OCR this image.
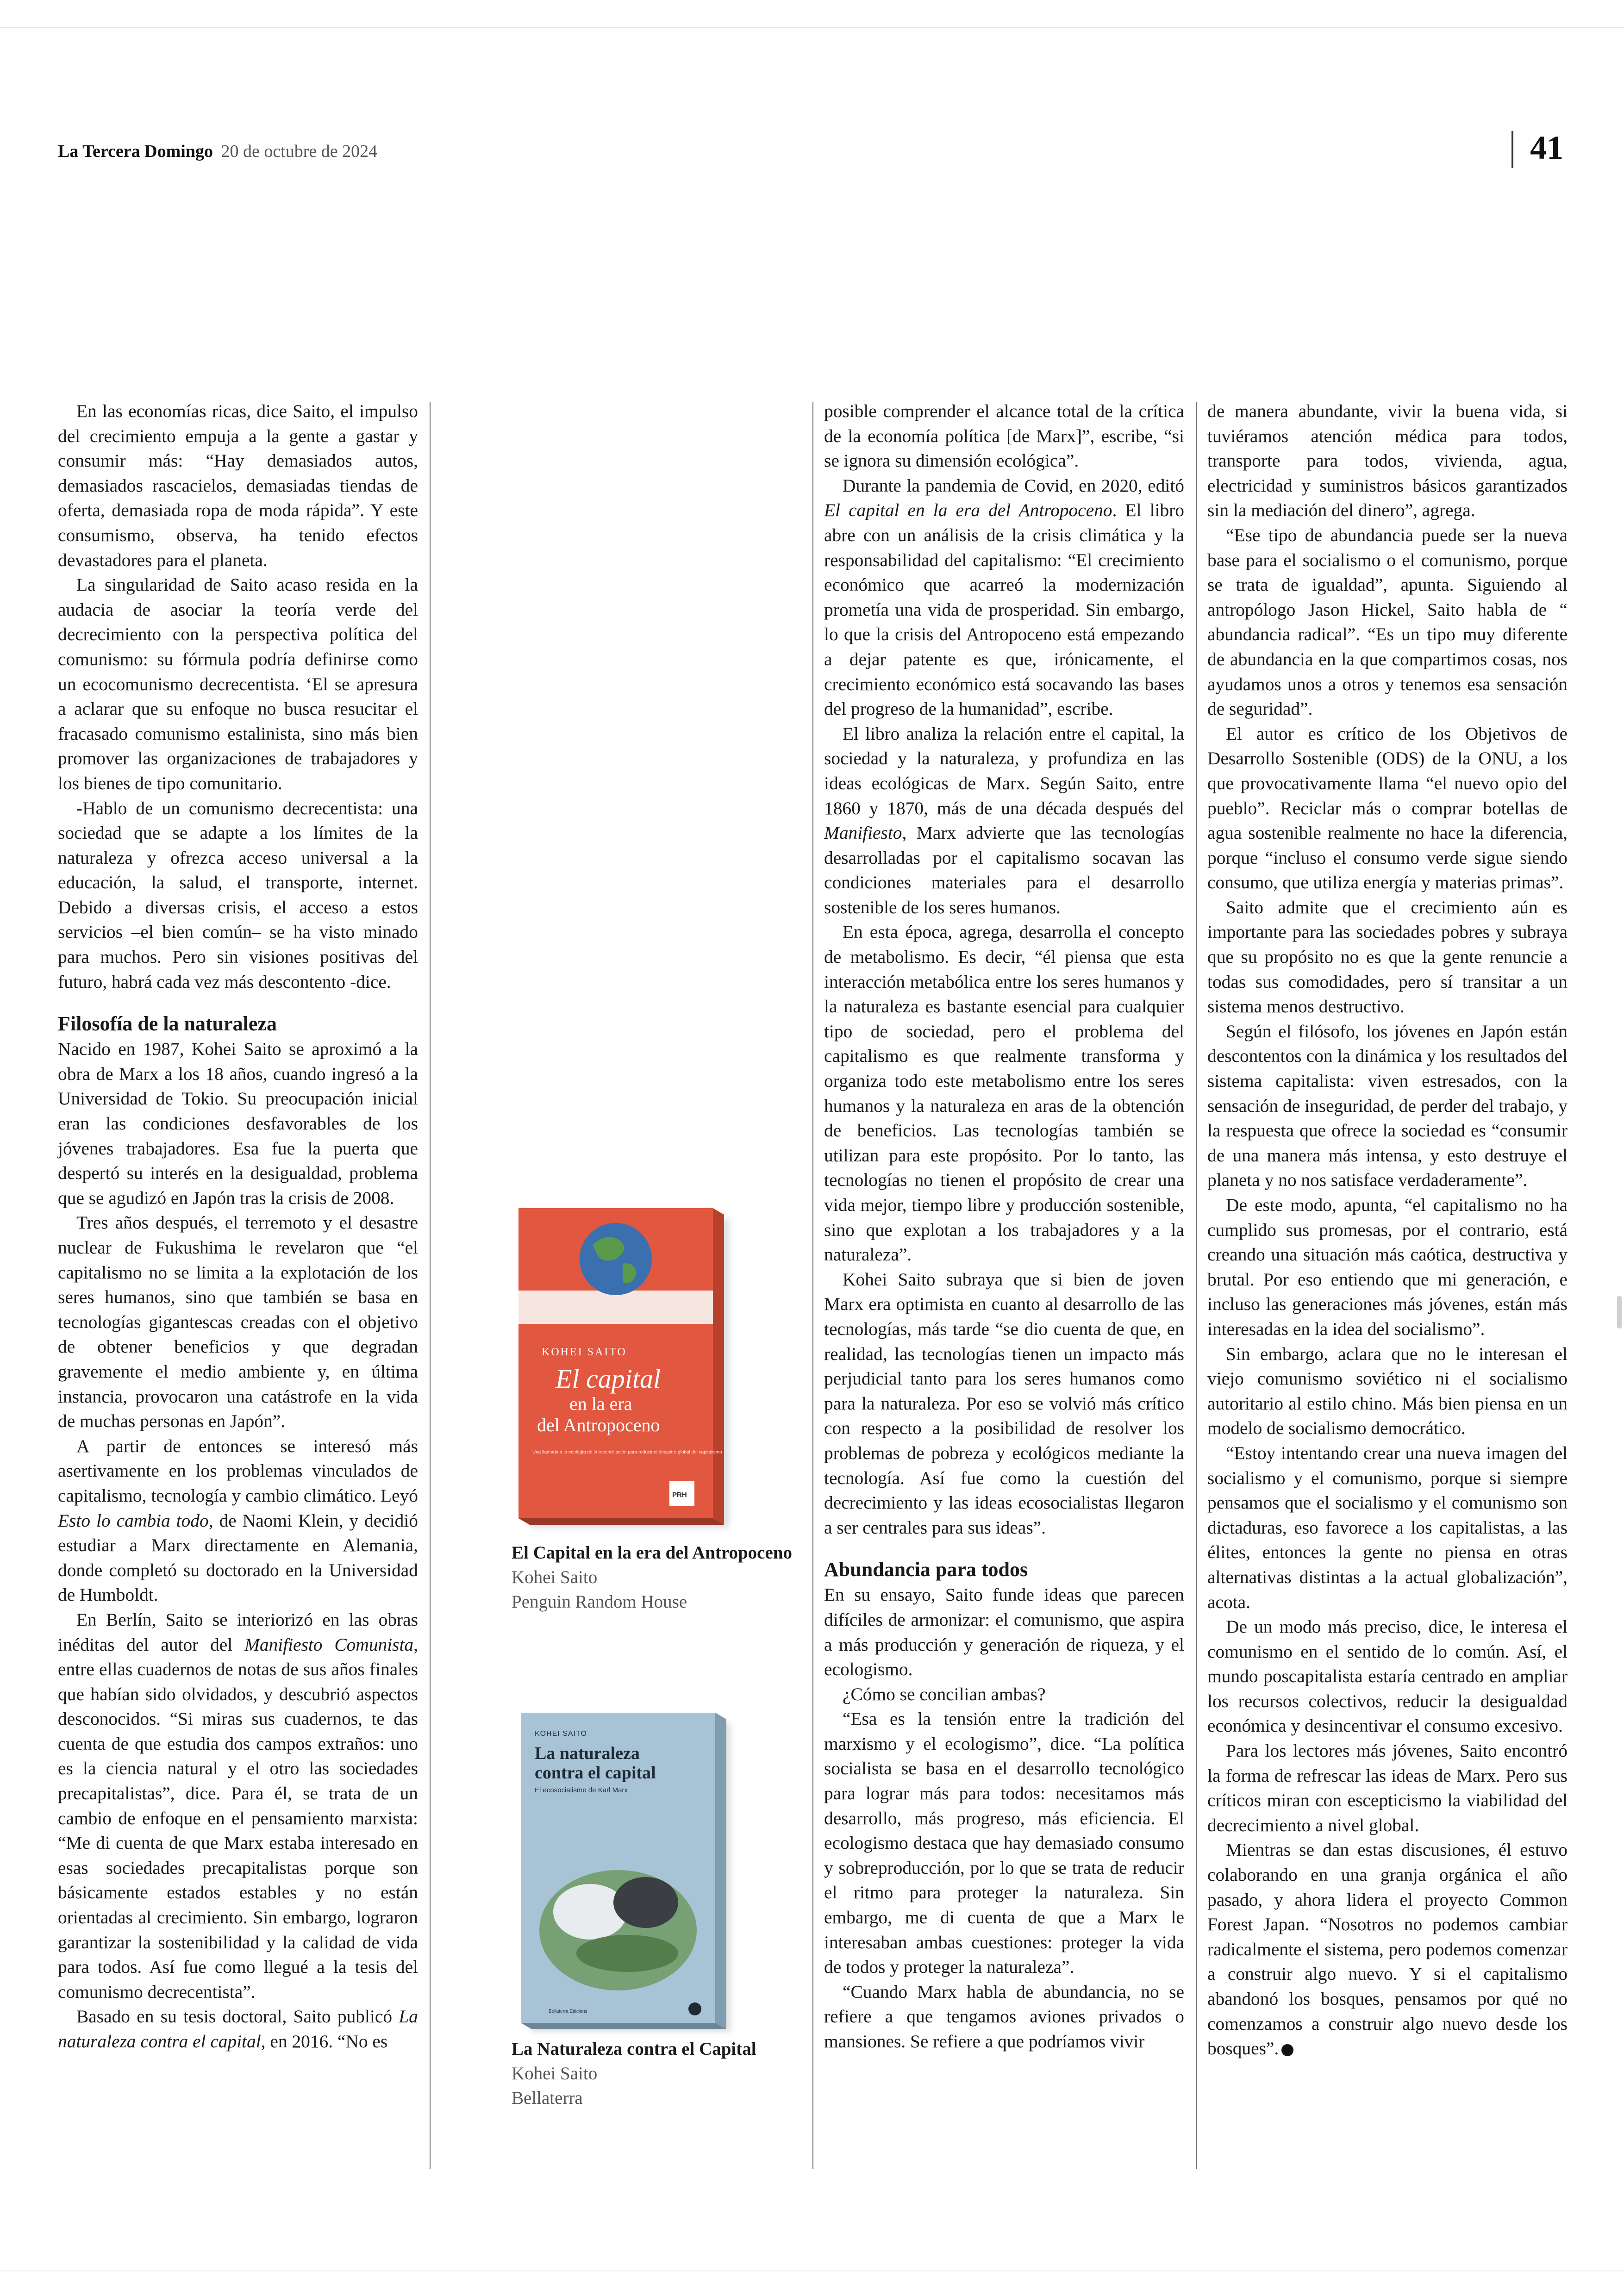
La Tercera Domingo 20 de octubre de 2024	41

En las economías ricas, dice Saito, el impulso del crecimiento empuja a la gente a gastar y consumir más: “Hay demasiados autos, demasiados rascacielos, demasiadas tiendas de oferta, demasiada ropa de moda rápida”. Y este consumismo, observa, ha tenido efectos devastadores para el planeta.

La singularidad de Saito acaso resida en la audacia de asociar la teoría verde del decrecimiento con la perspectiva política del comunismo: su fórmula podría definirse como un ecocomunismo decrecentista. ‘El se apresura a aclarar que su enfoque no busca resucitar el fracasado comunismo estalinista, sino más bien promover las organizaciones de trabajadores y los bienes de tipo comunitario.

-Hablo de un comunismo decrecentista: una sociedad que se adapte a los límites de la naturaleza y ofrezca acceso universal a la educación, la salud, el transporte, internet. Debido a diversas crisis, el acceso a estos servicios –el bien común– se ha visto minado para muchos. Pero sin visiones positivas del futuro, habrá cada vez más descontento -dice.

Filosofía de la naturaleza

Nacido en 1987, Kohei Saito se aproximó a la obra de Marx a los 18 años, cuando ingresó a la Universidad de Tokio. Su preocupación inicial eran las condiciones desfavorables de los jóvenes trabajadores. Esa fue la puerta que despertó su interés en la desigualdad, problema que se agudizó en Japón tras la crisis de 2008.

Tres años después, el terremoto y el desastre nuclear de Fukushima le revelaron que “el capitalismo no se limita a la explotación de los seres humanos, sino que también se basa en tecnologías gigantescas creadas con el objetivo de obtener beneficios y que degradan gravemente el medio ambiente y, en última instancia, provocaron una catástrofe en la vida de muchas personas en Japón”.

A partir de entonces se interesó más asertivamente en los problemas vinculados de capitalismo, tecnología y cambio climático. Leyó Esto lo cambia todo, de Naomi Klein, y decidió estudiar a Marx directamente en Alemania, donde completó su doctorado en la Universidad de Humboldt.

En Berlín, Saito se interiorizó en las obras inéditas del autor del Manifiesto Comunista, entre ellas cuadernos de notas de sus años finales que habían sido olvidados, y descubrió aspectos desconocidos. “Si miras sus cuadernos, te das cuenta de que estudia dos campos extraños: uno es la ciencia natural y el otro las sociedades precapitalistas”, dice. Para él, se trata de un cambio de enfoque en el pensamiento marxista: “Me di cuenta de que Marx estaba interesado en esas sociedades precapitalistas porque son básicamente estados estables y no están orientadas al crecimiento. Sin embargo, lograron garantizar la sostenibilidad y la calidad de vida para todos. Así fue como llegué a la tesis del comunismo decrecentista”.

Basado en su tesis doctoral, Saito publicó La naturaleza contra el capital, en 2016. “No es

KOHEI SAITO
El capital
en la era
del Antropoceno
Una llamada a la ecología de la reconciliación para reducir el desastre global del capitalismo
PRH
El Capital en la era del Antropoceno
Kohei Saito
Penguin Random House
KOHEI SAITO
La naturaleza
contra el capital
El ecosocialismo de Karl Marx
Bellaterra Edicions
La Naturaleza contra el Capital
Kohei Saito
Bellaterra

posible comprender el alcance total de la crítica de la economía política [de Marx]”, escribe, “si se ignora su dimensión ecológica”.

Durante la pandemia de Covid, en 2020, editó El capital en la era del Antropoceno. El libro abre con un análisis de la crisis climática y la responsabilidad del capitalismo: “El crecimiento económico que acarreó la modernización prometía una vida de prosperidad. Sin embargo, lo que la crisis del Antropoceno está empezando a dejar patente es que, irónicamente, el crecimiento económico está socavando las bases del progreso de la humanidad”, escribe.

El libro analiza la relación entre el capital, la sociedad y la naturaleza, y profundiza en las ideas ecológicas de Marx. Según Saito, entre 1860 y 1870, más de una década después del Manifiesto, Marx advierte que las tecnologías desarrolladas por el capitalismo socavan las condiciones materiales para el desarrollo sostenible de los seres humanos.

En esta época, agrega, desarrolla el concepto de metabolismo. Es decir, “él piensa que esta interacción metabólica entre los seres humanos y la naturaleza es bastante esencial para cualquier tipo de sociedad, pero el problema del capitalismo es que realmente transforma y organiza todo este metabolismo entre los seres humanos y la naturaleza en aras de la obtención de beneficios. Las tecnologías también se utilizan para este propósito. Por lo tanto, las tecnologías no tienen el propósito de crear una vida mejor, tiempo libre y producción sostenible, sino que explotan a los trabajadores y a la naturaleza”.

Kohei Saito subraya que si bien de joven Marx era optimista en cuanto al desarrollo de las tecnologías, más tarde “se dio cuenta de que, en realidad, las tecnologías tienen un impacto más perjudicial tanto para los seres humanos como para la naturaleza. Por eso se volvió más crítico con respecto a la posibilidad de resolver los problemas de pobreza y ecológicos mediante la tecnología. Así fue como la cuestión del decrecimiento y las ideas ecosocialistas llegaron a ser centrales para sus ideas”.

Abundancia para todos

En su ensayo, Saito funde ideas que parecen difíciles de armonizar: el comunismo, que aspira a más producción y generación de riqueza, y el ecologismo.

¿Cómo se concilian ambas?

“Esa es la tensión entre la tradición del marxismo y el ecologismo”, dice. “La política socialista se basa en el desarrollo tecnológico para lograr más para todos: necesitamos más desarrollo, más progreso, más eficiencia. El ecologismo destaca que hay demasiado consumo y sobreproducción, por lo que se trata de reducir el ritmo para proteger la naturaleza. Sin embargo, me di cuenta de que a Marx le interesaban ambas cuestiones: proteger la vida de todos y proteger la naturaleza”.

“Cuando Marx habla de abundancia, no se refiere a que tengamos aviones privados o mansiones. Se refiere a que podríamos vivir

de manera abundante, vivir la buena vida, si tuviéramos atención médica para todos, transporte para todos, vivienda, agua, electricidad y suministros básicos garantizados sin la mediación del dinero”, agrega.

“Ese tipo de abundancia puede ser la nueva base para el socialismo o el comunismo, porque se trata de igualdad”, apunta. Siguiendo al antropólogo Jason Hickel, Saito habla de “ abundancia radical”. “Es un tipo muy diferente de abundancia en la que compartimos cosas, nos ayudamos unos a otros y tenemos esa sensación de seguridad”.

El autor es crítico de los Objetivos de Desarrollo Sostenible (ODS) de la ONU, a los que provocativamente llama “el nuevo opio del pueblo”. Reciclar más o comprar botellas de agua sostenible realmente no hace la diferencia, porque “incluso el consumo verde sigue siendo consumo, que utiliza energía y materias primas”.

Saito admite que el crecimiento aún es importante para las sociedades pobres y subraya que su propósito no es que la gente renuncie a todas sus comodidades, pero sí transitar a un sistema menos destructivo.

Según el filósofo, los jóvenes en Japón están descontentos con la dinámica y los resultados del sistema capitalista: viven estresados, con la sensación de inseguridad, de perder del trabajo, y la respuesta que ofrece la sociedad es “consumir de una manera más intensa, y esto destruye el planeta y no nos satisface verdaderamente”.

De este modo, apunta, “el capitalismo no ha cumplido sus promesas, por el contrario, está creando una situación más caótica, destructiva y brutal. Por eso entiendo que mi generación, e incluso las generaciones más jóvenes, están más interesadas en la idea del socialismo”.

Sin embargo, aclara que no le interesan el viejo comunismo soviético ni el socialismo autoritario al estilo chino. Más bien piensa en un modelo de socialismo democrático.

“Estoy intentando crear una nueva imagen del socialismo y el comunismo, porque si siempre pensamos que el socialismo y el comunismo son dictaduras, eso favorece a los capitalistas, a las élites, entonces la gente no piensa en otras alternativas distintas a la actual globalización”, acota.

De un modo más preciso, dice, le interesa el comunismo en el sentido de lo común. Así, el mundo poscapitalista estaría centrado en ampliar los recursos colectivos, reducir la desigualdad económica y desincentivar el consumo excesivo.

Para los lectores más jóvenes, Saito encontró la forma de refrescar las ideas de Marx. Pero sus críticos miran con escepticismo la viabilidad del decrecimiento a nivel global.

Mientras se dan estas discusiones, él estuvo colaborando en una granja orgánica el año pasado, y ahora lidera el proyecto Common Forest Japan. “Nosotros no podemos cambiar radicalmente el sistema, pero podemos comenzar a construir algo nuevo. Y si el capitalismo abandonó los bosques, pensamos por qué no comenzamos a construir algo nuevo desde los bosques”.
